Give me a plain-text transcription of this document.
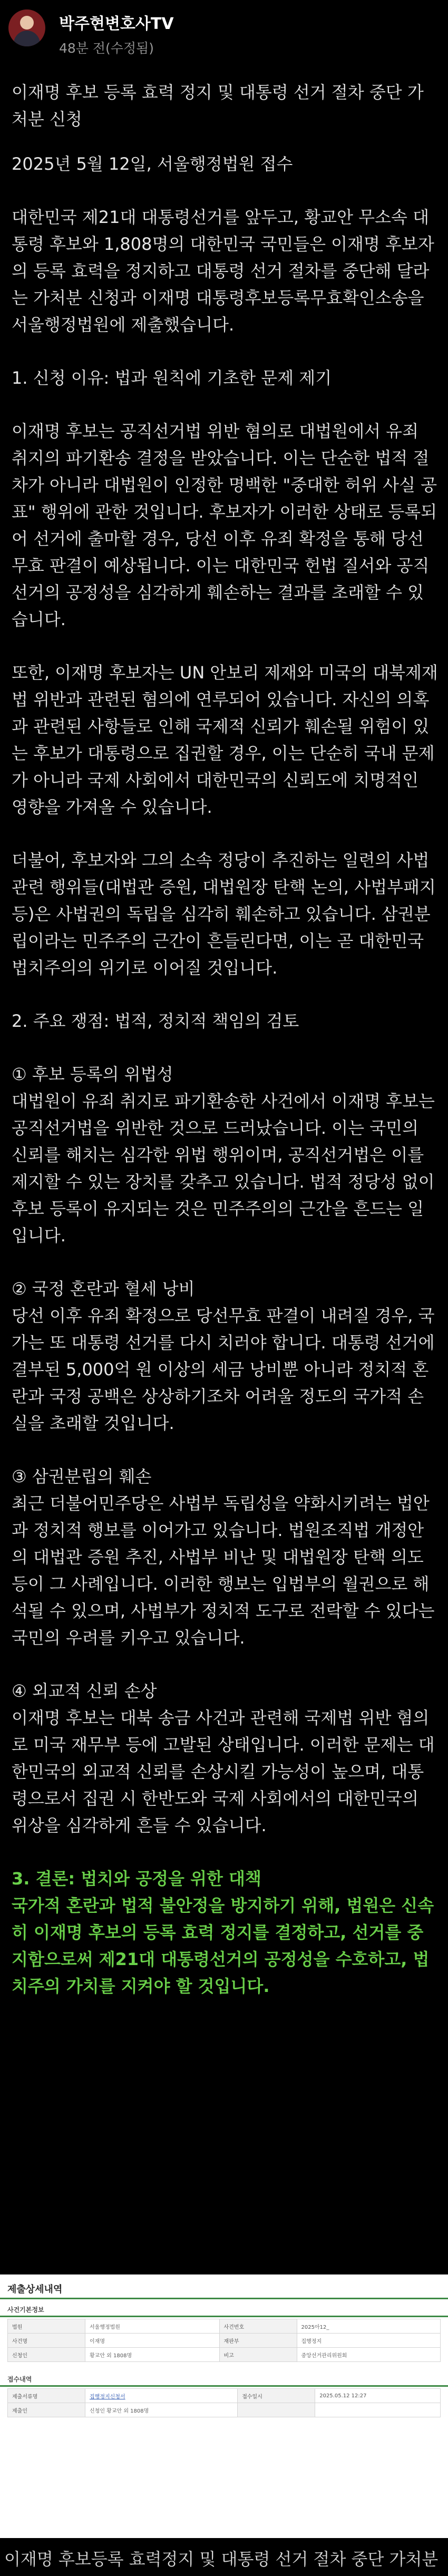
박주현변호사TV
48분 전(수정됨)

이재명 후보 등록 효력 정지 및 대통령 선거 절차 중단 가처분 신청

2025년 5월 12일, 서울행정법원 접수

대한민국 제21대 대통령선거를 앞두고, 황교안 무소속 대통령 후보와 1,808명의 대한민국 국민들은 이재명 후보자의 등록 효력을 정지하고 대통령 선거 절차를 중단해 달라는 가처분 신청과 이재명 대통령후보등록무효확인소송을 서울행정법원에 제출했습니다.

1. 신청 이유: 법과 원칙에 기초한 문제 제기

이재명 후보는 공직선거법 위반 혐의로 대법원에서 유죄 취지의 파기환송 결정을 받았습니다. 이는 단순한 법적 절차가 아니라 대법원이 인정한 명백한 "중대한 허위 사실 공표" 행위에 관한 것입니다. 후보자가 이러한 상태로 등록되어 선거에 출마할 경우, 당선 이후 유죄 확정을 통해 당선무효 판결이 예상됩니다. 이는 대한민국 헌법 질서와 공직선거의 공정성을 심각하게 훼손하는 결과를 초래할 수 있습니다.

또한, 이재명 후보자는 UN 안보리 제재와 미국의 대북제재법 위반과 관련된 혐의에 연루되어 있습니다. 자신의 의혹과 관련된 사항들로 인해 국제적 신뢰가 훼손될 위험이 있는 후보가 대통령으로 집권할 경우, 이는 단순히 국내 문제가 아니라 국제 사회에서 대한민국의 신뢰도에 치명적인 영향을 가져올 수 있습니다.

더불어, 후보자와 그의 소속 정당이 추진하는 일련의 사법 관련 행위들(대법관 증원, 대법원장 탄핵 논의, 사법부패지 등)은 사법권의 독립을 심각히 훼손하고 있습니다. 삼권분립이라는 민주주의 근간이 흔들린다면, 이는 곧 대한민국 법치주의의 위기로 이어질 것입니다.

2. 주요 쟁점: 법적, 정치적 책임의 검토

① 후보 등록의 위법성

대법원이 유죄 취지로 파기환송한 사건에서 이재명 후보는 공직선거법을 위반한 것으로 드러났습니다. 이는 국민의 신뢰를 해치는 심각한 위법 행위이며, 공직선거법은 이를 제지할 수 있는 장치를 갖추고 있습니다. 법적 정당성 없이 후보 등록이 유지되는 것은 민주주의의 근간을 흔드는 일입니다.

② 국정 혼란과 혈세 낭비

당선 이후 유죄 확정으로 당선무효 판결이 내려질 경우, 국가는 또 대통령 선거를 다시 치러야 합니다. 대통령 선거에 결부된 5,000억 원 이상의 세금 낭비뿐 아니라 정치적 혼란과 국정 공백은 상상하기조차 어려울 정도의 국가적 손실을 초래할 것입니다.

③ 삼권분립의 훼손

최근 더불어민주당은 사법부 독립성을 약화시키려는 법안과 정치적 행보를 이어가고 있습니다. 법원조직법 개정안의 대법관 증원 추진, 사법부 비난 및 대법원장 탄핵 의도 등이 그 사례입니다. 이러한 행보는 입법부의 월권으로 해석될 수 있으며, 사법부가 정치적 도구로 전락할 수 있다는 국민의 우려를 키우고 있습니다.

④ 외교적 신뢰 손상

이재명 후보는 대북 송금 사건과 관련해 국제법 위반 혐의로 미국 재무부 등에 고발된 상태입니다. 이러한 문제는 대한민국의 외교적 신뢰를 손상시킬 가능성이 높으며, 대통령으로서 집권 시 한반도와 국제 사회에서의 대한민국의 위상을 심각하게 흔들 수 있습니다.

3. 결론: 법치와 공정을 위한 대책

국가적 혼란과 법적 불안정을 방지하기 위해, 법원은 신속히 이재명 후보의 등록 효력 정지를 결정하고, 선거를 중지함으로써 제21대 대통령선거의 공정성을 수호하고, 법치주의 가치를 지켜야 할 것입니다.

제출상세내역
사건기본정보
법원	서울행정법원	사건번호	2025아12_
사건명	이재명	재판부	집행정지
신청인	황교안 외 1808명	비고	중앙선거관리위원회
접수내역
제출서류명	집행정지신청서	접수일시	2025.05.12 12:27
제출인	신청인 황교안 외 1808명		
이재명 후보등록 효력정지 및 대통령 선거 절차 중단 가처분
